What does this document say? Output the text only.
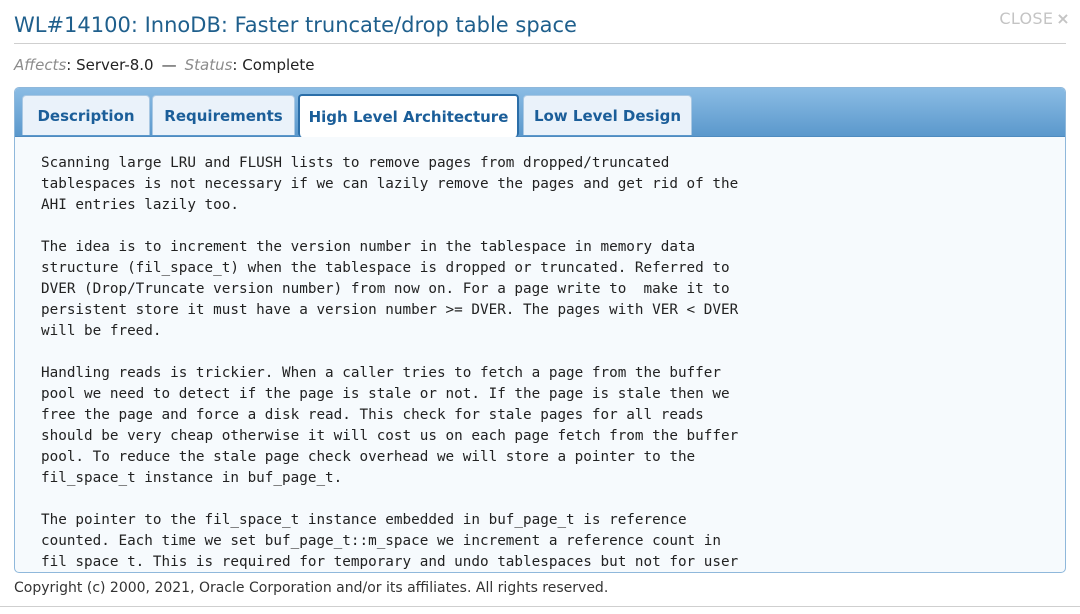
WL#14100: InnoDB: Faster truncate/drop table space	CLOSE ×
Affects: Server-8.0 — Status: Complete
Description	Requirements	High Level Architecture	Low Level Design
Scanning large LRU and FLUSH lists to remove pages from dropped/truncated
tablespaces is not necessary if we can lazily remove the pages and get rid of the
AHI entries lazily too.

The idea is to increment the version number in the tablespace in memory data
structure (fil_space_t) when the tablespace is dropped or truncated. Referred to
DVER (Drop/Truncate version number) from now on. For a page write to  make it to
persistent store it must have a version number >= DVER. The pages with VER < DVER
will be freed.

Handling reads is trickier. When a caller tries to fetch a page from the buffer
pool we need to detect if the page is stale or not. If the page is stale then we
free the page and force a disk read. This check for stale pages for all reads
should be very cheap otherwise it will cost us on each page fetch from the buffer
pool. To reduce the stale page check overhead we will store a pointer to the
fil_space_t instance in buf_page_t.

The pointer to the fil_space_t instance embedded in buf_page_t is reference
counted. Each time we set buf_page_t::m_space we increment a reference count in
fil space t. This is required for temporary and undo tablespaces but not for user
Copyright (c) 2000, 2021, Oracle Corporation and/or its affiliates. All rights reserved.
